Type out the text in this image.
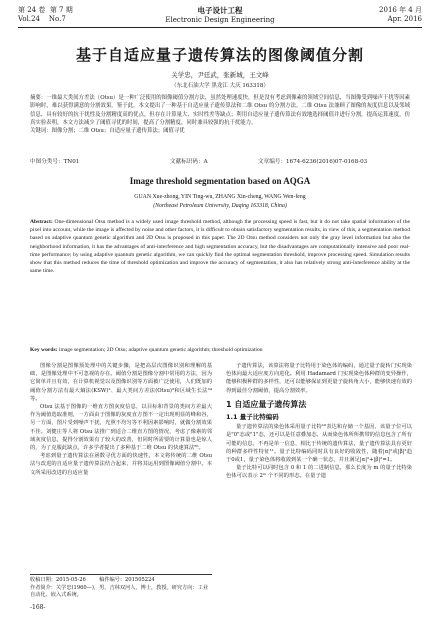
第 24 卷 第 7 期
Vol.24 No.7
电子设计工程
Electronic Design Engineering
2016 年 4 月
Apr. 2016
基于自适应量子遗传算法的图像阈值分割
关学忠，尹廷武，张新城，王文峰
（东北石油大学 黑龙江 大庆 163318）
摘要：一维最大类间方差法（Otsu）是一种广泛使用的图像阈值分割方法，虽然处理速度快，但是没有考虑到像素的领域空间信息，当图像受到噪声干扰等因素影响时，难以获得满意的分割效果。鉴于此，本文提出了一种基于自适应量子遗传算法和二维 Otsu 的分割方法。二维 Otsu 法兼顾了图像的灰度信息以及邻域信息，具有较好的抗干扰性及分割精度高的优点，但存在计算量大、实时性差等缺点；利用自适应量子遗传算法有效地选择阈值并进行分割，提高运算速度，仿真实验表明，本文方法减少了阈值寻优的时间，提高了分割精度，同时兼具较强的抗干扰能力。
关键词：图像分割；二维 Otsu；自适应量子遗传算法；阈值寻优
中图分类号：TN01	文献标识码：A	文章编号：1674-6236(2016)07-0168-03
Image threshold segmentation based on AQGA
GUAN Xue-zhong, YIN Ting-wu, ZHANG Xin-cheng, WANG Wen-feng
(Northeast Petroleum University, Daqing 163318, China)
Abstract: One-dimensional Otsu method is a widely used image threshold method, although the processing speed is fast, but it do not take spatial information of the pixel into account, while the image is affected by noise and other factors, it is difficult to obtain satisfactory segmentation results, in view of this, a segmentation method based on adaptive quantum genetic algorithm and 2D Otsu is proposed in this paper. The 2D Otsu method considers not only the gray level information but also the neighborhood information, it has the advantages of anti-interference and high segmentation accuracy, but the disadvantages are computationally intensive and poor real-time performance; by using adaptive quantum genetic algorithm, we can quickly find the optimal segmentation threshold, improve processing speed. Simulation results show that this method reduces the time of threshold optimization and improve the accuracy of segmentation, it also has relatively strong anti-interference ability at the same time.
Key words: image segmentation; 2D Otsu; adaptive quantum genetic algorithm; threshold optimization

图像分割是图像预处理中的关键步骤，是把高层次图像识别和理解的基础，是图像处理中不可忽视的存在。阈值分割是图像分割中常用的方法，因为它简单并且有效，在计算机视觉以及图像识别等方面被广泛使用，人们既加的阈值分割方法有最大熵法(KSW)²、最大类间方差法(Otsu)³和区域生长法³⁴等。

Otsu 法基于图像的一维直方图灰度信息，以目标和背景的类间方差最大作为阈值选取准则，一方面由于图像的灰度直方图不一定出现明显的峰和谷，另一方面，图片受到噪声干扰，光照不均匀等不利因素影响时，就做分割效果不佳。刘健庄等人将 Otsu 法推广到适合二维直方图的情况，考虑了像素的邻域灰度信息，提得分割效果有了较大的改善，但同时所需要的计算量也是惊人的，为了克服此缺点，许多学者提出了多种基于二维 Otsu 的快速算法⁵⁶。

考虑到量子遗传算法在函数寻优方面的快速性，本文将传统的二维 Otsu 法与改进的自适应量子遗传算法结合起来，并将其运用到图像阈值分割中。本文所采用改进的自适应量

子遗传算法，该算法将量子比特用于染色体的编码，通过量子旋转门实现染色体向最大适应度方向进化。利用 Hadamard 门实现染色体种群的变异操作，能够积极种群的多样性，还可以能够保证到更量子旋转角大小，能够快速有效的得到最佳分割阈值，提高分割效率。

1 自适应量子遗传算法
1.1 量子比特编码

量子遗传算法的染色体采用量子比特¹⁰表达和存储一个基因，该量子位可以是"0"态或"1"态，还可以是任意叠加态，从而染色体所所携带的信息包含了所有可能的信息，不再是单一信息，相比于传统的遗传算法，量子遗传算法具有更好的种群多样性特征¹¹。量子比特编码同时具有良好的收敛性，随着|α|²或|β|²趋于0或1，量子染色体将收敛到某一个确一状态，并且满足|α|²+|β|²=1。

量子比特可以同时包含 0 和 1 的二进制信息，那么长度为 m 的量子比特染色体可以表示 2ᵐ 个不同的形态。在量子遗

收稿日期：2015-05-26	稿件编号：201505224
作者简介：关学忠(1960—)，男，吉林双河人，博士，教授。研究方向：工业自动化、嵌入式系统。
-168-
